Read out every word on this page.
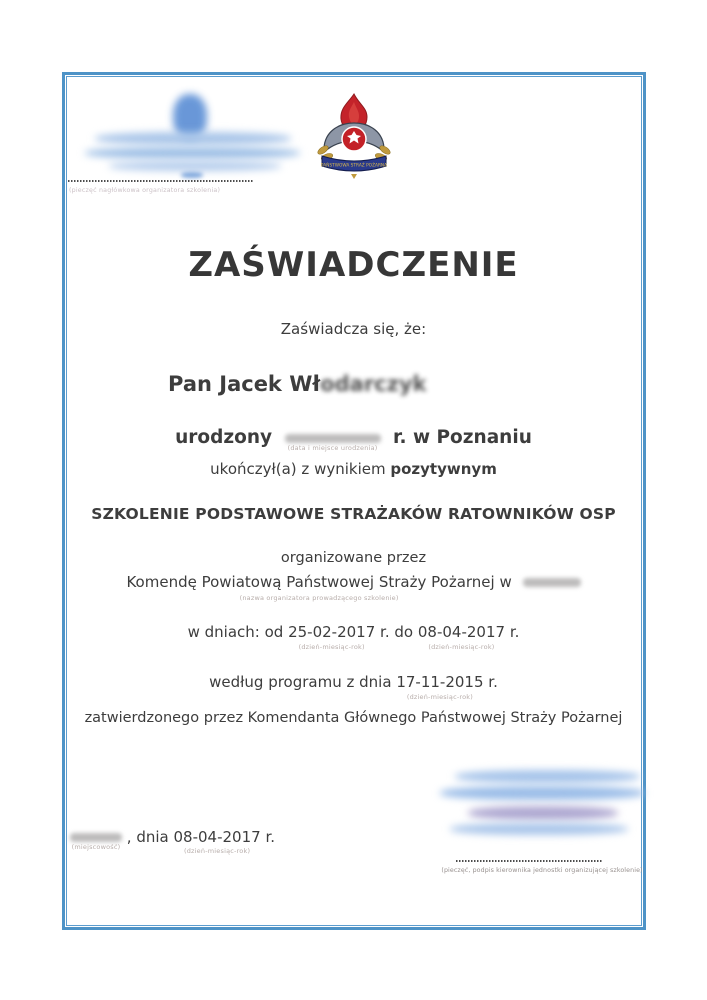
(pieczęć nagłówkowa organizatora szkolenia)
PAŃSTWOWA STRAŻ POŻARNA
ZAŚWIADCZENIE
Zaświadcza się, że:
Pan Jacek Włodarczyk
urodzony (data i miejsce urodzenia) r. w Poznaniu
ukończył(a) z wynikiem pozytywnym
SZKOLENIE PODSTAWOWE STRAŻAKÓW RATOWNIKÓW OSP
organizowane przez
Komendę Powiatową Państwowej Straży Pożarnej w
(nazwa organizatora prowadzącego szkolenie)

w dniach: od 25-02-2017
(dzień-miesiąc-rok)
r. do 08-04-2017
(dzień-miesiąc-rok)
r.
według programu z dnia 17-11-2015
(dzień-miesiąc-rok)
r.
zatwierdzonego przez Komendanta Głównego Państwowej Straży Pożarnej
(miejscowość)
, dnia 08-04-2017
(dzień-miesiąc-rok)
r.
(pieczęć, podpis kierownika jednostki organizującej szkolenie)
